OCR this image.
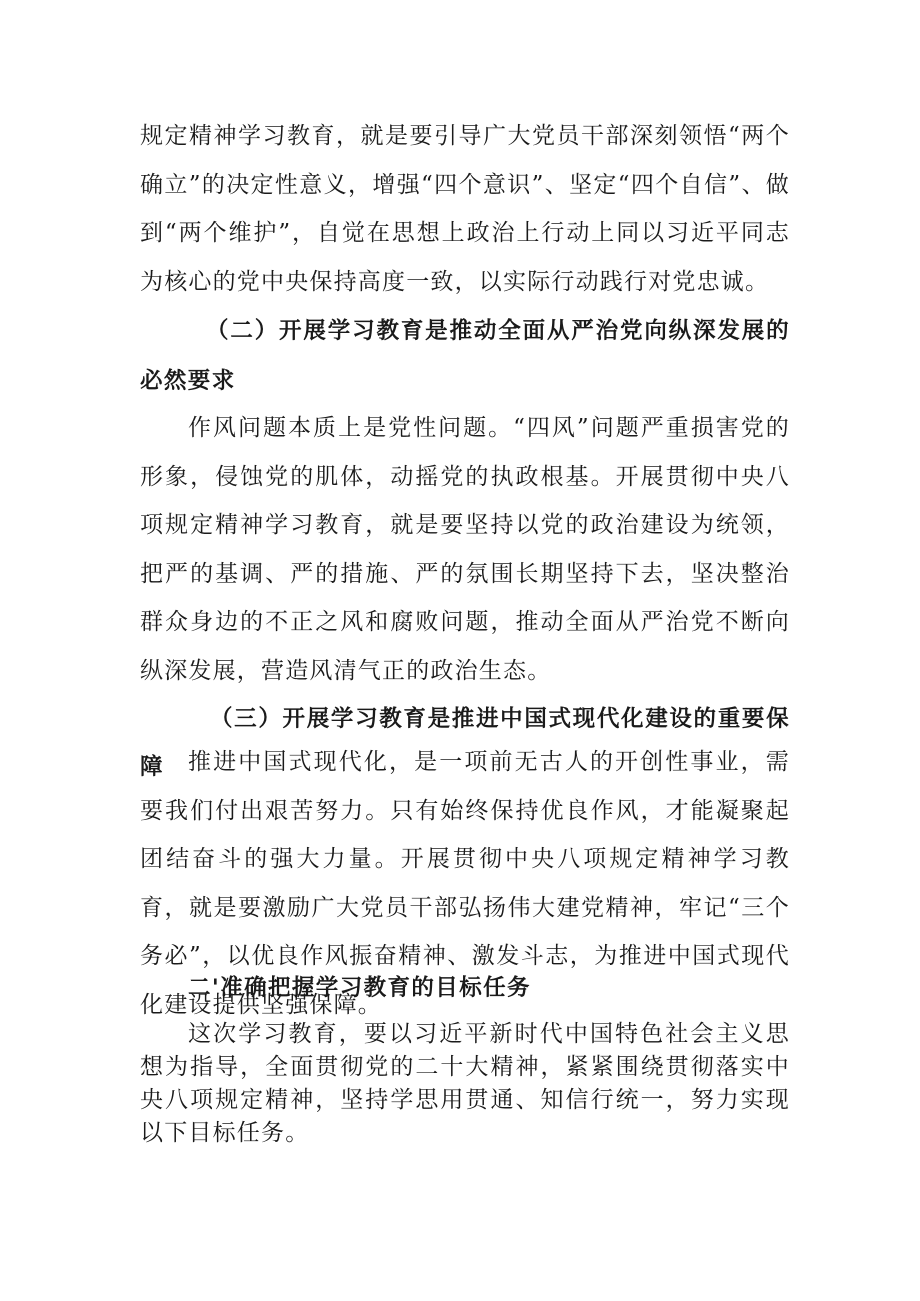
规定精神学习教育，就是要引导广大党员干部深刻领悟“两个确立”的决定性意义，增强“四个意识”、坚定“四个自信”、做到“两个维护”，自觉在思想上政治上行动上同以习近平同志为核心的党中央保持高度一致，以实际行动践行对党忠诚。

（二）开展学习教育是推动全面从严治党向纵深发展的必然要求

作风问题本质上是党性问题。“四风”问题严重损害党的形象，侵蚀党的肌体，动摇党的执政根基。开展贯彻中央八项规定精神学习教育，就是要坚持以党的政治建设为统领，把严的基调、严的措施、严的氛围长期坚持下去，坚决整治群众身边的不正之风和腐败问题，推动全面从严治党不断向纵深发展，营造风清气正的政治生态。

（三）开展学习教育是推进中国式现代化建设的重要保障	推进中国式现代化，是一项前无古人的开创性事业，需要我们付出艰苦努力。只有始终保持优良作风，才能凝聚起团结奋斗的强大力量。开展贯彻中央八项规定精神学习教育，就是要激励广大党员干部弘扬伟大建党精神，牢记“三个务必”，以优良作风振奋精神、激发斗志，为推进中国式现代化建设提供坚强保障。

二'准确把握学习教育的目标任务

这次学习教育，要以习近平新时代中国特色社会主义思想为指导，全面贯彻党的二十大精神，紧紧围绕贯彻落实中央八项规定精神，坚持学思用贯通、知信行统一，努力实现以下目标任务。
